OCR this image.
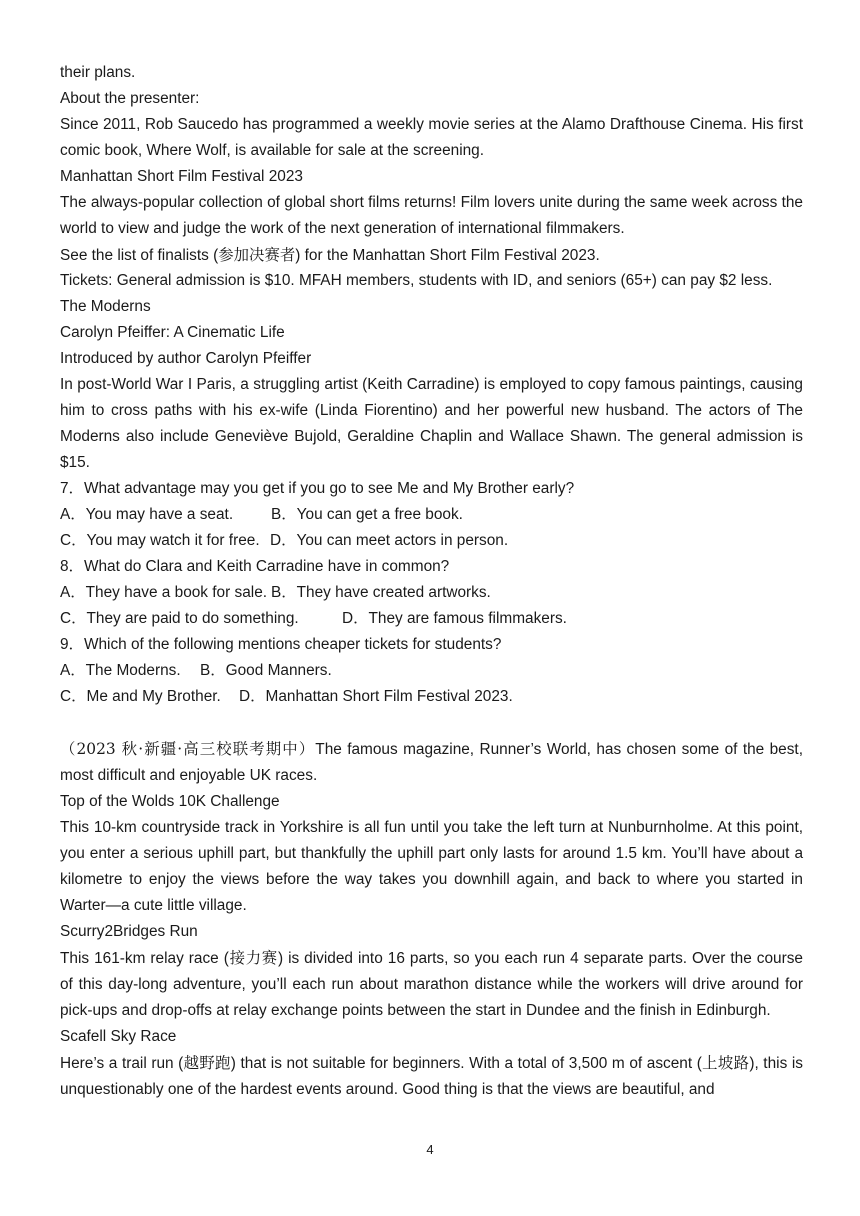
their plans.
About the presenter:
Since 2011, Rob Saucedo has programmed a weekly movie series at the Alamo Drafthouse Cinema. His first comic book, Where Wolf, is available for sale at the screening.
Manhattan Short Film Festival 2023
The always-popular collection of global short films returns! Film lovers unite during the same week across the world to view and judge the work of the next generation of international filmmakers.
See the list of finalists (参加决赛者) for the Manhattan Short Film Festival 2023.
Tickets: General admission is $10. MFAH members, students with ID, and seniors (65+) can pay $2 less.
The Moderns
Carolyn Pfeiffer: A Cinematic Life
Introduced by author Carolyn Pfeiffer
In post-World War I Paris, a struggling artist (Keith Carradine) is employed to copy famous paintings, causing him to cross paths with his ex-wife (Linda Fiorentino) and her powerful new husband. The actors of The Moderns also include Geneviève Bujold, Geraldine Chaplin and Wallace Shawn. The general admission is $15.
7．What advantage may you get if you go to see Me and My Brother early?
A．You may have a seat. B．You can get a free book.
C．You may watch it for free. D．You can meet actors in person.
8．What do Clara and Keith Carradine have in common?
A．They have a book for sale. B．They have created artworks.
C．They are paid to do something.	D．They are famous filmmakers.
9．Which of the following mentions cheaper tickets for students?
A．The Moderns. B．Good Manners.
C．Me and My Brother. D．Manhattan Short Film Festival 2023.
（2023 秋·新疆·高三校联考期中）The famous magazine, Runner’s World, has chosen some of the best, most difficult and enjoyable UK races.
Top of the Wolds 10K Challenge
This 10-km countryside track in Yorkshire is all fun until you take the left turn at Nunburnholme. At this point, you enter a serious uphill part, but thankfully the uphill part only lasts for around 1.5 km. You’ll have about a kilometre to enjoy the views before the way takes you downhill again, and back to where you started in Warter—a cute little village.
Scurry2Bridges Run
This 161-km relay race (接力赛) is divided into 16 parts, so you each run 4 separate parts. Over the course of this day-long adventure, you’ll each run about marathon distance while the workers will drive around for pick-ups and drop-offs at relay exchange points between the start in Dundee and the finish in Edinburgh.
Scafell Sky Race
Here’s a trail run (越野跑) that is not suitable for beginners. With a total of 3,500 m of ascent (上坡路), this is unquestionably one of the hardest events around. Good thing is that the views are beautiful, and
4
